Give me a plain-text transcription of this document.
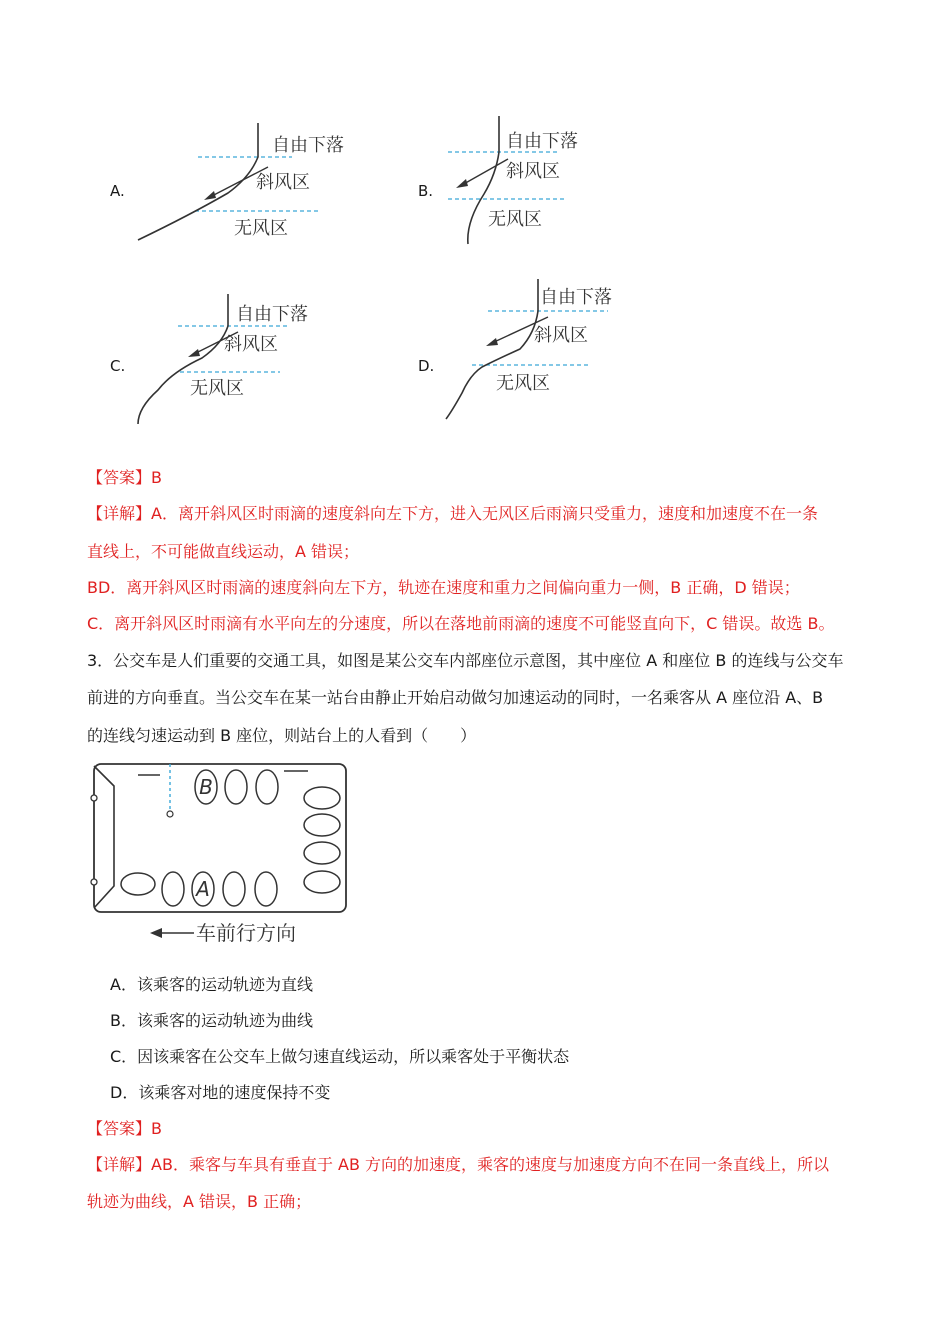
A.
自由下落
斜风区
无风区
B.
自由下落
斜风区
无风区
C.
自由下落
斜风区
无风区
D.
自由下落
斜风区
无风区
【答案】B
【详解】A．离开斜风区时雨滴的速度斜向左下方，进入无风区后雨滴只受重力，速度和加速度不在一条
直线上，不可能做直线运动，A 错误；
BD．离开斜风区时雨滴的速度斜向左下方，轨迹在速度和重力之间偏向重力一侧，B 正确，D 错误；
C．离开斜风区时雨滴有水平向左的分速度，所以在落地前雨滴的速度不可能竖直向下，C 错误。故选 B。
3．公交车是人们重要的交通工具，如图是某公交车内部座位示意图，其中座位 A 和座位 B 的连线与公交车
前进的方向垂直。当公交车在某一站台由静止开始启动做匀加速运动的同时，一名乘客从 A 座位沿 A、B
的连线匀速运动到 B 座位，则站台上的人看到（　　）
B
A
车前行方向
A．该乘客的运动轨迹为直线
B．该乘客的运动轨迹为曲线
C．因该乘客在公交车上做匀速直线运动，所以乘客处于平衡状态
D．该乘客对地的速度保持不变
【答案】B
【详解】AB．乘客与车具有垂直于 AB 方向的加速度，乘客的速度与加速度方向不在同一条直线上，所以
轨迹为曲线，A 错误，B 正确；
